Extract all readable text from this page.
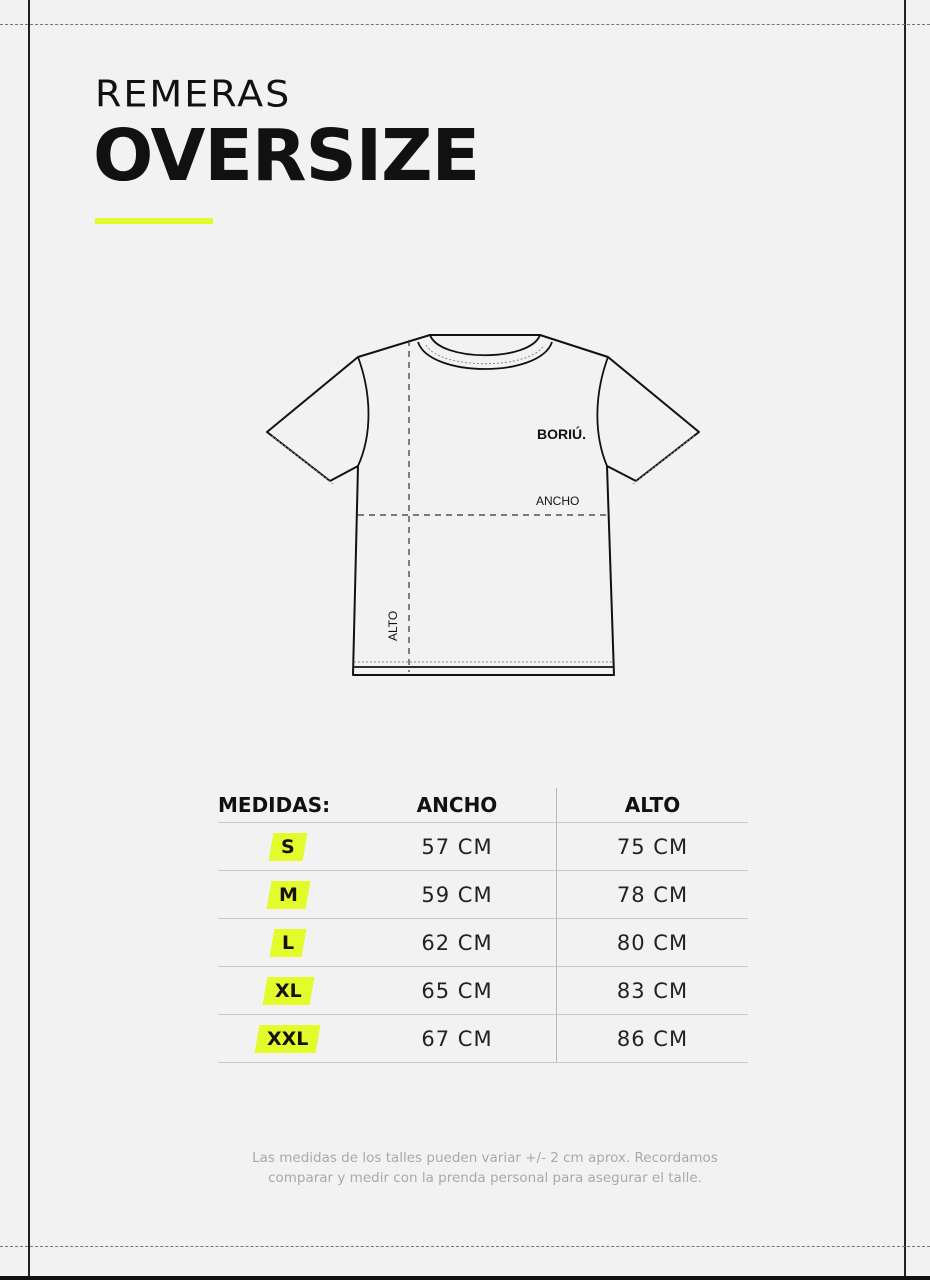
REMERAS
OVERSIZE
BORIÚ.
ANCHO
ALTO
MEDIDAS:	ANCHO	ALTO
S	57 CM	75 CM
M	59 CM	78 CM
L	62 CM	80 CM
XL	65 CM	83 CM
XXL	67 CM	86 CM
Las medidas de los talles pueden variar +/- 2 cm aprox. Recordamos comparar y medir con la prenda personal para asegurar el talle.
